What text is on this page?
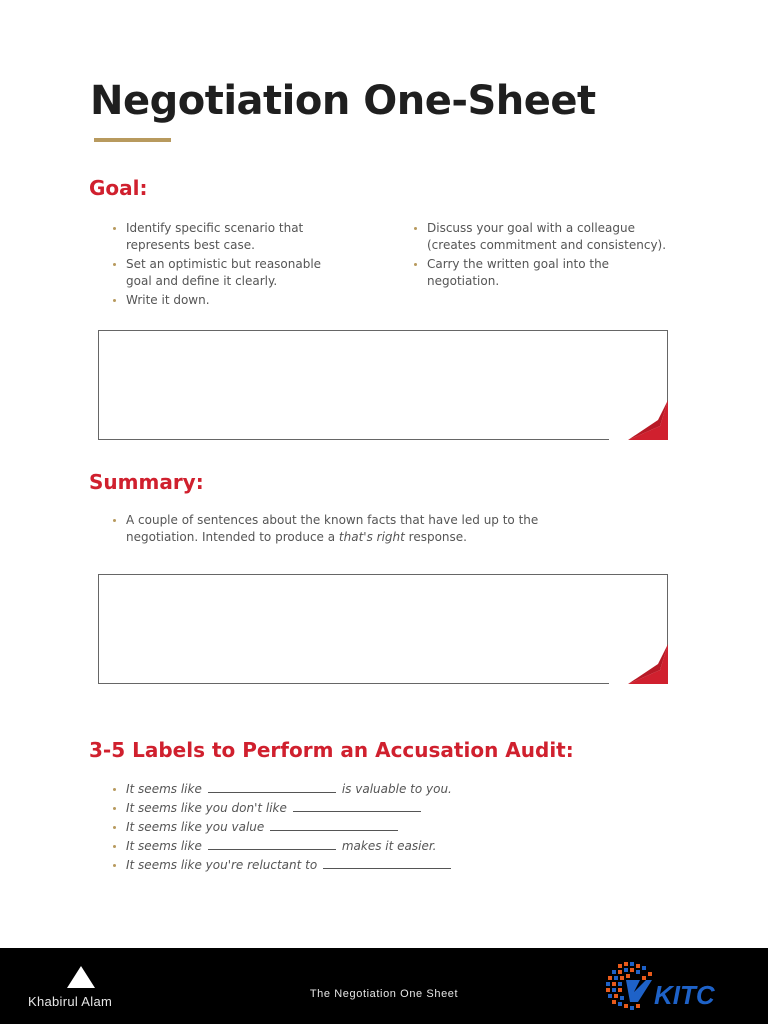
Negotiation One-Sheet
Goal:
Identify specific scenario that represents best case.
Set an optimistic but reasonable goal and define it clearly.
Write it down.
Discuss your goal with a colleague (creates commitment and consistency).
Carry the written goal into the negotiation.
Summary:
A couple of sentences about the known facts that have led up to the negotiation. Intended to produce a that's right response.
3-5 Labels to Perform an Accusation Audit:
It seems like	is valuable to you.
It seems like you don't like
It seems like you value
It seems like	makes it easier.
It seems like you're reluctant to
Khabirul Alam	The Negotiation One Sheet	KITC
